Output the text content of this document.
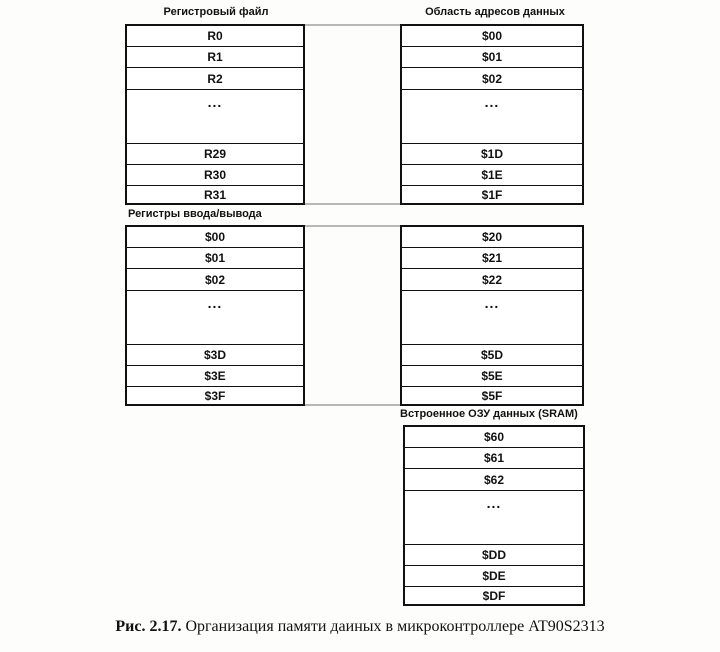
Регистровый файл	Область адресов данных
R0
R1
R2
...
R29
R30
R31
$00
$01
$02
...
$1D
$1E
$1F
Регистры ввода/вывода
$00
$01
$02
...
$3D
$3E
$3F
$20
$21
$22
...
$5D
$5E
$5F
Встроенное ОЗУ данных (SRAM)
$60
$61
$62
...
$DD
$DE
$DF
Рис. 2.17. Организация памяти даиных в микроконтроллере AT90S2313
